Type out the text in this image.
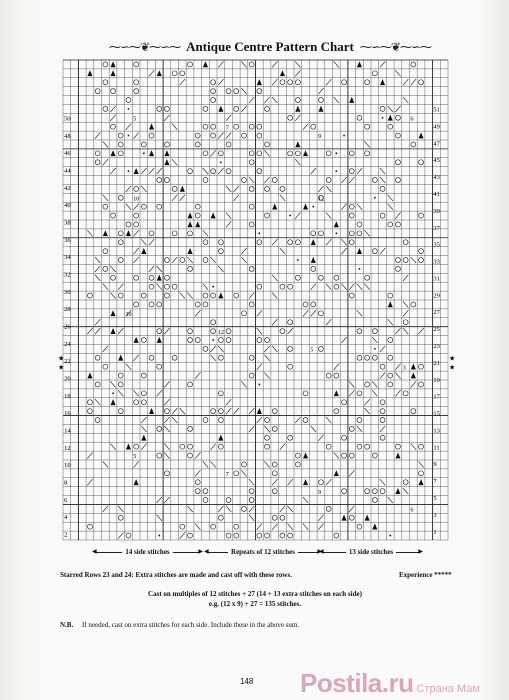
⁓∽⁓❦⁓∽⁓ Antique Centre Pattern Chart ⁓∽⁓❦⁓∽⁓
50
48
46
44
42
40
38
36
34
32
30
28
26
24
22
20
18
16
14
12
10
8
6
4
2
51
49
47
45
43
41
39
37
35
33
31
29
27
25
23
21
19
17
15
13
11
9
7
5
3
1
5
7
9
6
10
12
5
3
5
7
9
6
10	12
★
★
★
★
◀
14 side stitches ▶ ◀	Repeats of 12 stitches ▶ ◀	13 side stitches
▶
Starred Rows 23 and 24: Extra stitches are made and cast off with these rows.	Experience *****
Cast on multiples of 12 stitches + 27 (14 + 13 extra stitches on each side)
e.g. (12 x 9) + 27 = 135 stitches.
N.B. If needed, cast on extra stitches for each side. Include these in the above sum.
148 Postila.ru Страна Мам
